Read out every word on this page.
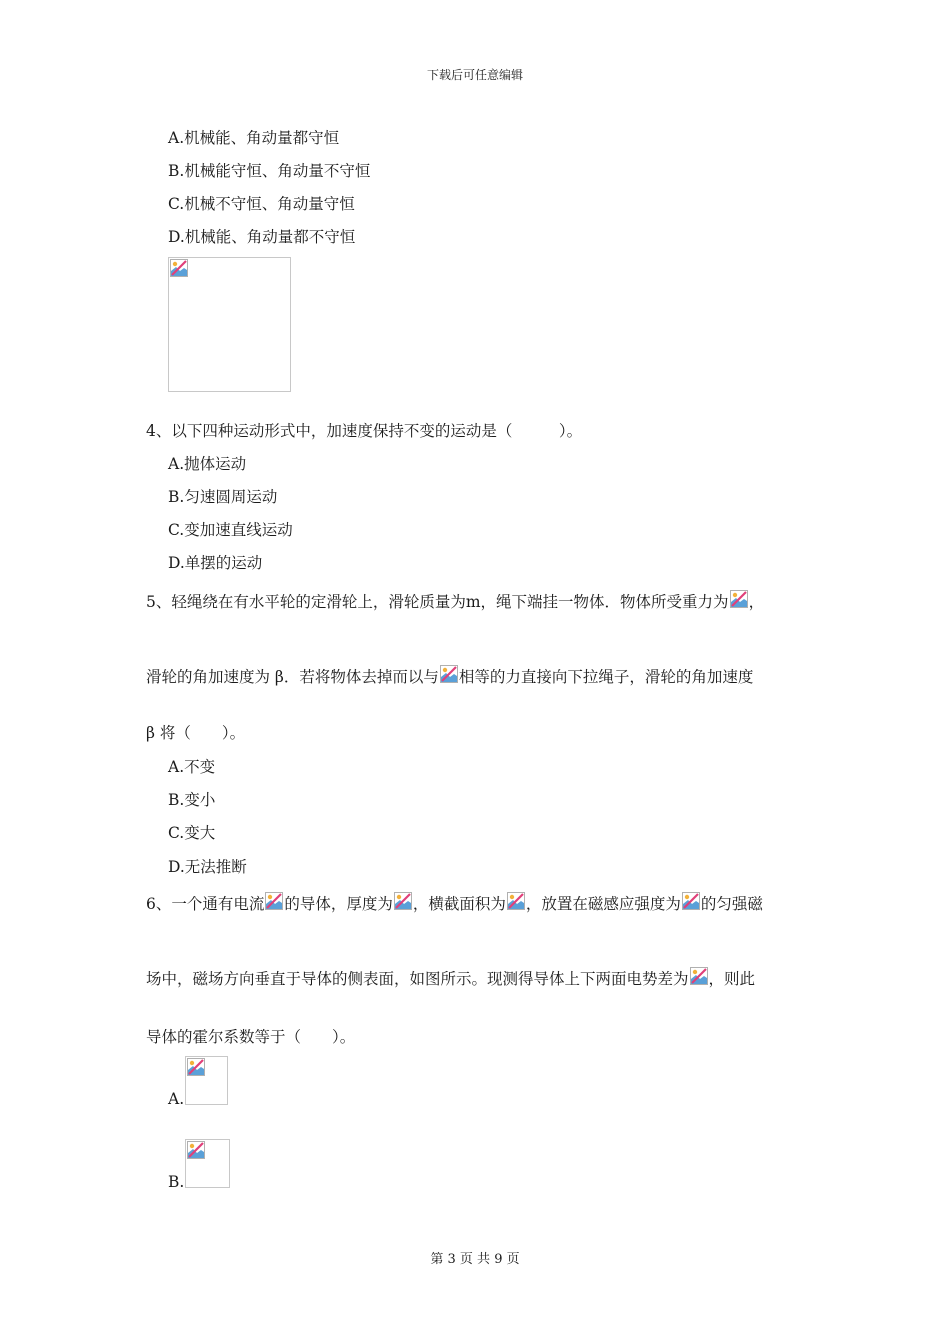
下载后可任意编辑
A.机械能、角动量都守恒
B.机械能守恒、角动量不守恒
C.机械不守恒、角动量守恒
D.机械能、角动量都不守恒
4、以下四种运动形式中，加速度保持不变的运动是（　　　）。
A.抛体运动
B.匀速圆周运动
C.变加速直线运动
D.单摆的运动
5、轻绳绕在有水平轮的定滑轮上，滑轮质量为m，绳下端挂一物体．物体所受重力为 ，
滑轮的角加速度为 β．若将物体去掉而以与 相等的力直接向下拉绳子，滑轮的角加速度
β 将（　　）。
A.不变
B.变小
C.变大
D.无法推断
6、一个通有电流 的导体，厚度为 ，横截面积为 ，放置在磁感应强度为 的匀强磁
场中，磁场方向垂直于导体的侧表面，如图所示。现测得导体上下两面电势差为 ，则此
导体的霍尔系数等于（　　）。
A.
B.
第 3 页 共 9 页
